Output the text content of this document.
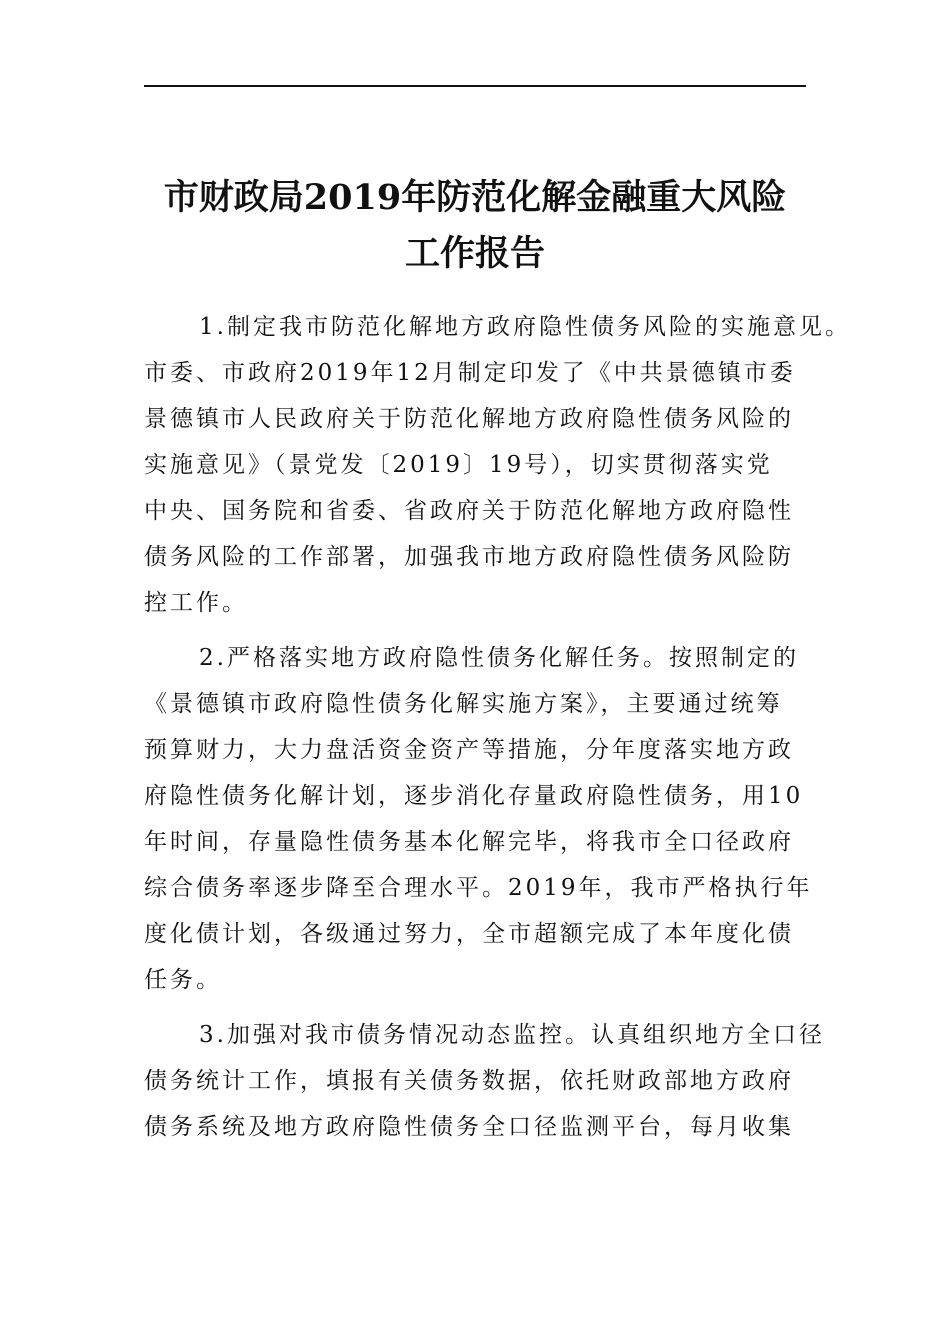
市财政局2019年防范化解金融重大风险
工作报告
1.制定我市防范化解地方政府隐性债务风险的实施意见。
市委、市政府2019年12月制定印发了《中共景德镇市委
景德镇市人民政府关于防范化解地方政府隐性债务风险的
实施意见》（景党发〔2019〕19号），切实贯彻落实党
中央、国务院和省委、省政府关于防范化解地方政府隐性
债务风险的工作部署，加强我市地方政府隐性债务风险防
控工作。
2.严格落实地方政府隐性债务化解任务。按照制定的
《景德镇市政府隐性债务化解实施方案》，主要通过统筹
预算财力，大力盘活资金资产等措施，分年度落实地方政
府隐性债务化解计划，逐步消化存量政府隐性债务，用10
年时间，存量隐性债务基本化解完毕，将我市全口径政府
综合债务率逐步降至合理水平。2019年，我市严格执行年
度化债计划，各级通过努力，全市超额完成了本年度化债
任务。
3.加强对我市债务情况动态监控。认真组织地方全口径
债务统计工作，填报有关债务数据，依托财政部地方政府
债务系统及地方政府隐性债务全口径监测平台，每月收集
